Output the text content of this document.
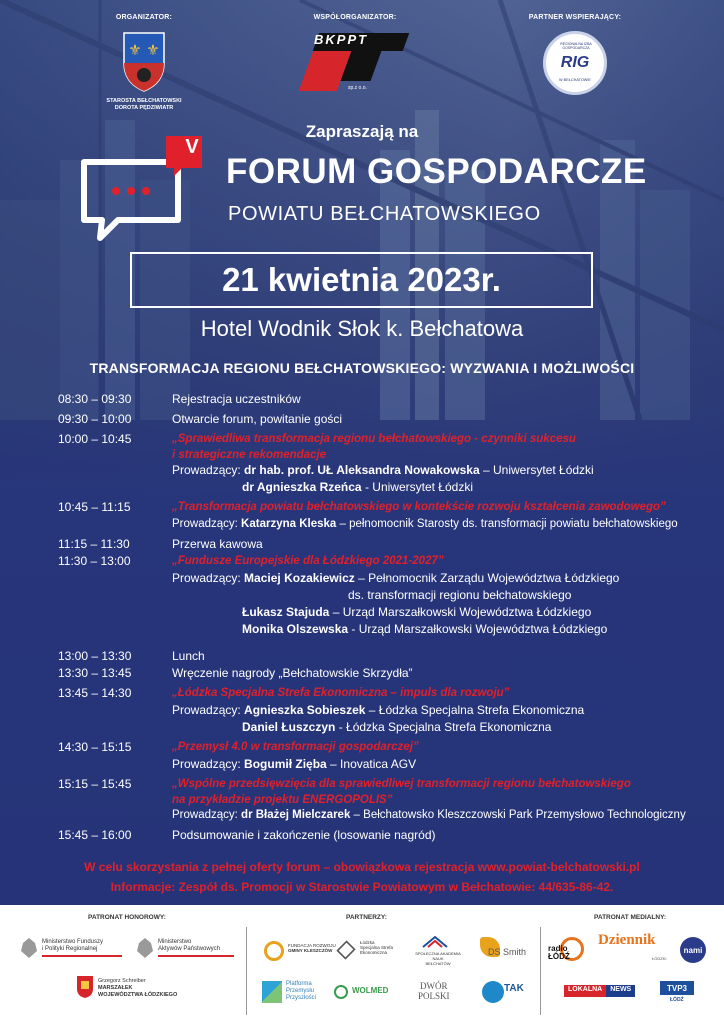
ORGANIZATOR:
⚜ ⚜
STAROSTA BEŁCHATOWSKI
DOROTA PĘDZIWIATR
WSPÓŁORGANIZATOR:
BKPPT
sp.z o.o.
PARTNER WSPIERAJĄCY:
REGIONALNA IZBA GOSPODARCZA
RIG
W BEŁCHATOWIE
Zapraszają na
V
FORUM GOSPODARCZE
POWIATU BEŁCHATOWSKIEGO
21 kwietnia 2023r.
Hotel Wodnik Słok k. Bełchatowa
TRANSFORMACJA REGIONU BEŁCHATOWSKIEGO: WYZWANIA I MOŻLIWOŚCI
08:30 – 09:30	Rejestracja uczestników
09:30 – 10:00	Otwarcie forum, powitanie gości
10:00 – 10:45	„Sprawiedliwa transformacja regionu bełchatowskiego - czynniki sukcesu
i strategiczne rekomendacje
Prowadzący: dr hab. prof. UŁ Aleksandra Nowakowska – Uniwersytet Łódzki
dr Agnieszka Rzeńca - Uniwersytet Łódzki
10:45 – 11:15	„Transformacja powiatu bełchatowskiego w kontekście rozwoju kształcenia zawodowego”
Prowadzący: Katarzyna Kleska – pełnomocnik Starosty ds. transformacji powiatu bełchatowskiego
11:15 – 11:30	Przerwa kawowa
11:30 – 13:00	„Fundusze Europejskie dla Łódzkiego 2021-2027”
Prowadzący: Maciej Kozakiewicz – Pełnomocnik Zarządu Województwa Łódzkiego
ds. transformacji regionu bełchatowskiego
Łukasz Stajuda – Urząd Marszałkowski Województwa Łódzkiego
Monika Olszewska - Urząd Marszałkowski Województwa Łódzkiego
13:00 – 13:30	Lunch
13:30 – 13:45	Wręczenie nagrody „Bełchatowskie Skrzydła”
13:45 – 14:30	„Łódzka Specjalna Strefa Ekonomiczna – impuls dla rozwoju”
Prowadzący: Agnieszka Sobieszek – Łódzka Specjalna Strefa Ekonomiczna
Daniel Łuszczyn - Łódzka Specjalna Strefa Ekonomiczna
14:30 – 15:15	„Przemysł 4.0 w transformacji gospodarczej”
Prowadzący: Bogumił Zięba – Inovatica AGV
15:15 – 15:45	„Wspólne przedsięwzięcia dla sprawiedliwej transformacji regionu bełchatowskiego
na przykładzie projektu ENERGOPOLIS”
Prowadzący: dr Błażej Mielczarek – Bełchatowsko Kleszczowski Park Przemysłowo Technologiczny
15:45 – 16:00	Podsumowanie i zakończenie (losowanie nagród)
W celu skorzystania z pełnej oferty forum – obowiązkowa rejestracja www.powiat-belchatowski.pl
Informacje: Zespół ds. Promocji w Starostwie Powiatowym w Bełchatowie: 44/635-86-42.
PATRONAT HONOROWY:	PARTNERZY:	PATRONAT MEDIALNY:
Ministerstwo Funduszy
i Polityki Regionalnej
Ministerstwo
Aktywów Państwowych
Grzegorz Schreiber
MARSZAŁEK
WOJEWÓDZTWA ŁÓDZKIEGO
FUNDACJA ROZWOJU
GMINY KLESZCZÓW
Łódzka
Specjalna Strefa
Ekonomiczna	SPOŁECZNA AKADEMIA NAUK
BEŁCHATÓW
DS Smith
Platforma
Przemysłu
Przyszłości
WOLMED	DWÓR
POLSKI
TAK
radio
ŁÓDŹ
Dziennik
ŁÓDZKI
nami
LOKALNA	NEWS	TVP3
ŁÓDŹ
